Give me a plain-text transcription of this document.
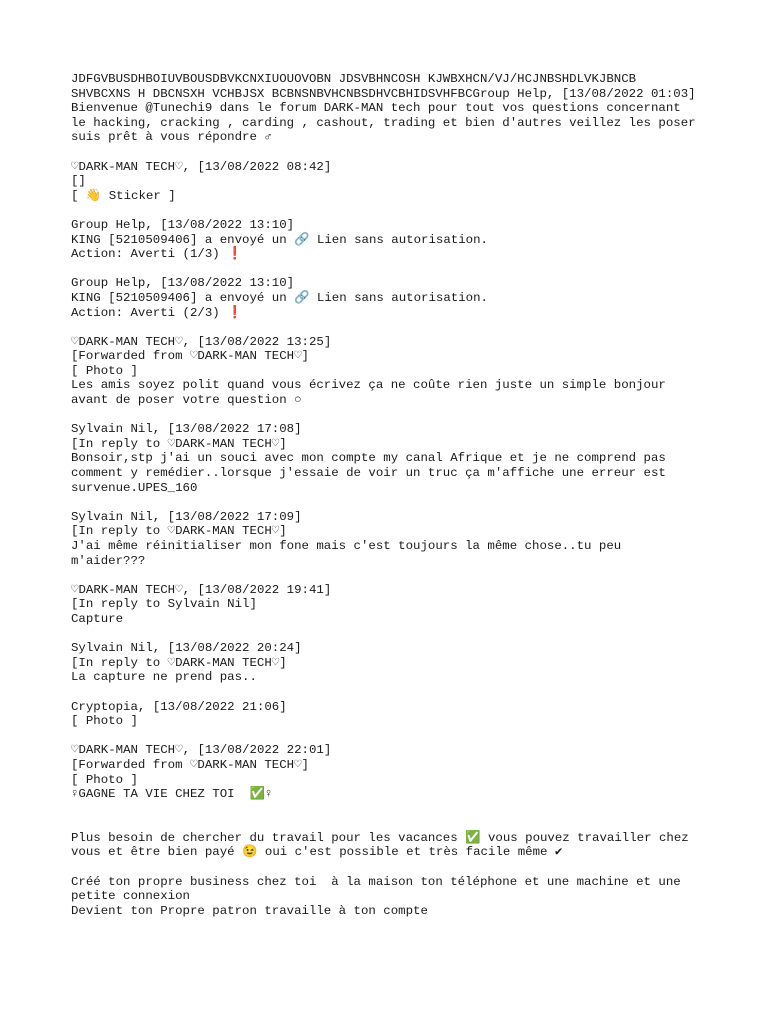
JDFGVBUSDHBOIUVBOUSDBVKCNXIUOUOVOBN JDSVBHNCOSH KJWBXHCN/VJ/HCJNBSHDLVKJBNCB SHVBCXNS H DBCNSXH VCHBJSX BCBNSNBVHCNBSDHVCBHIDSVHFBCGroup Help, [13/08/2022 01:03]
Bienvenue @Tunechi9 dans le forum DARK-MAN tech pour tout vos questions concernant le hacking, cracking , carding , cashout, trading et bien d'autres veillez les poser suis prêt à vous répondre ♂
♡DARK-MAN TECH♡, [13/08/2022 08:42]
[]
[ 👋 Sticker ]
Group Help, [13/08/2022 13:10]
KING [5210509406] a envoyé un 🔗 Lien sans autorisation.
Action: Averti (1/3) ❗
Group Help, [13/08/2022 13:10]
KING [5210509406] a envoyé un 🔗 Lien sans autorisation.
Action: Averti (2/3) ❗
♡DARK-MAN TECH♡, [13/08/2022 13:25]
[Forwarded from ♡DARK-MAN TECH♡]
[ Photo ]
Les amis soyez polit quand vous écrivez ça ne coûte rien juste un simple bonjour avant de poser votre question ○
Sylvain Nil, [13/08/2022 17:08]
[In reply to ♡DARK-MAN TECH♡]
Bonsoir,stp j'ai un souci avec mon compte my canal Afrique et je ne comprend pas comment y remédier..lorsque j'essaie de voir un truc ça m'affiche une erreur est survenue.UPES_160
Sylvain Nil, [13/08/2022 17:09]
[In reply to ♡DARK-MAN TECH♡]
J'ai même réinitialiser mon fone mais c'est toujours la même chose..tu peu m'aider???
♡DARK-MAN TECH♡, [13/08/2022 19:41]
[In reply to Sylvain Nil]
Capture
Sylvain Nil, [13/08/2022 20:24]
[In reply to ♡DARK-MAN TECH♡]
La capture ne prend pas..
Cryptopia, [13/08/2022 21:06]
[ Photo ]
♡DARK-MAN TECH♡, [13/08/2022 22:01]
[Forwarded from ♡DARK-MAN TECH♡]
[ Photo ]
♀GAGNE TA VIE CHEZ TOI  ✅♀
Plus besoin de chercher du travail pour les vacances ✅ vous pouvez travailler chez vous et être bien payé 😉 oui c'est possible et très facile même ✔
Créé ton propre business chez toi  à la maison ton téléphone et une machine et une petite connexion
Devient ton Propre patron travaille à ton compte
